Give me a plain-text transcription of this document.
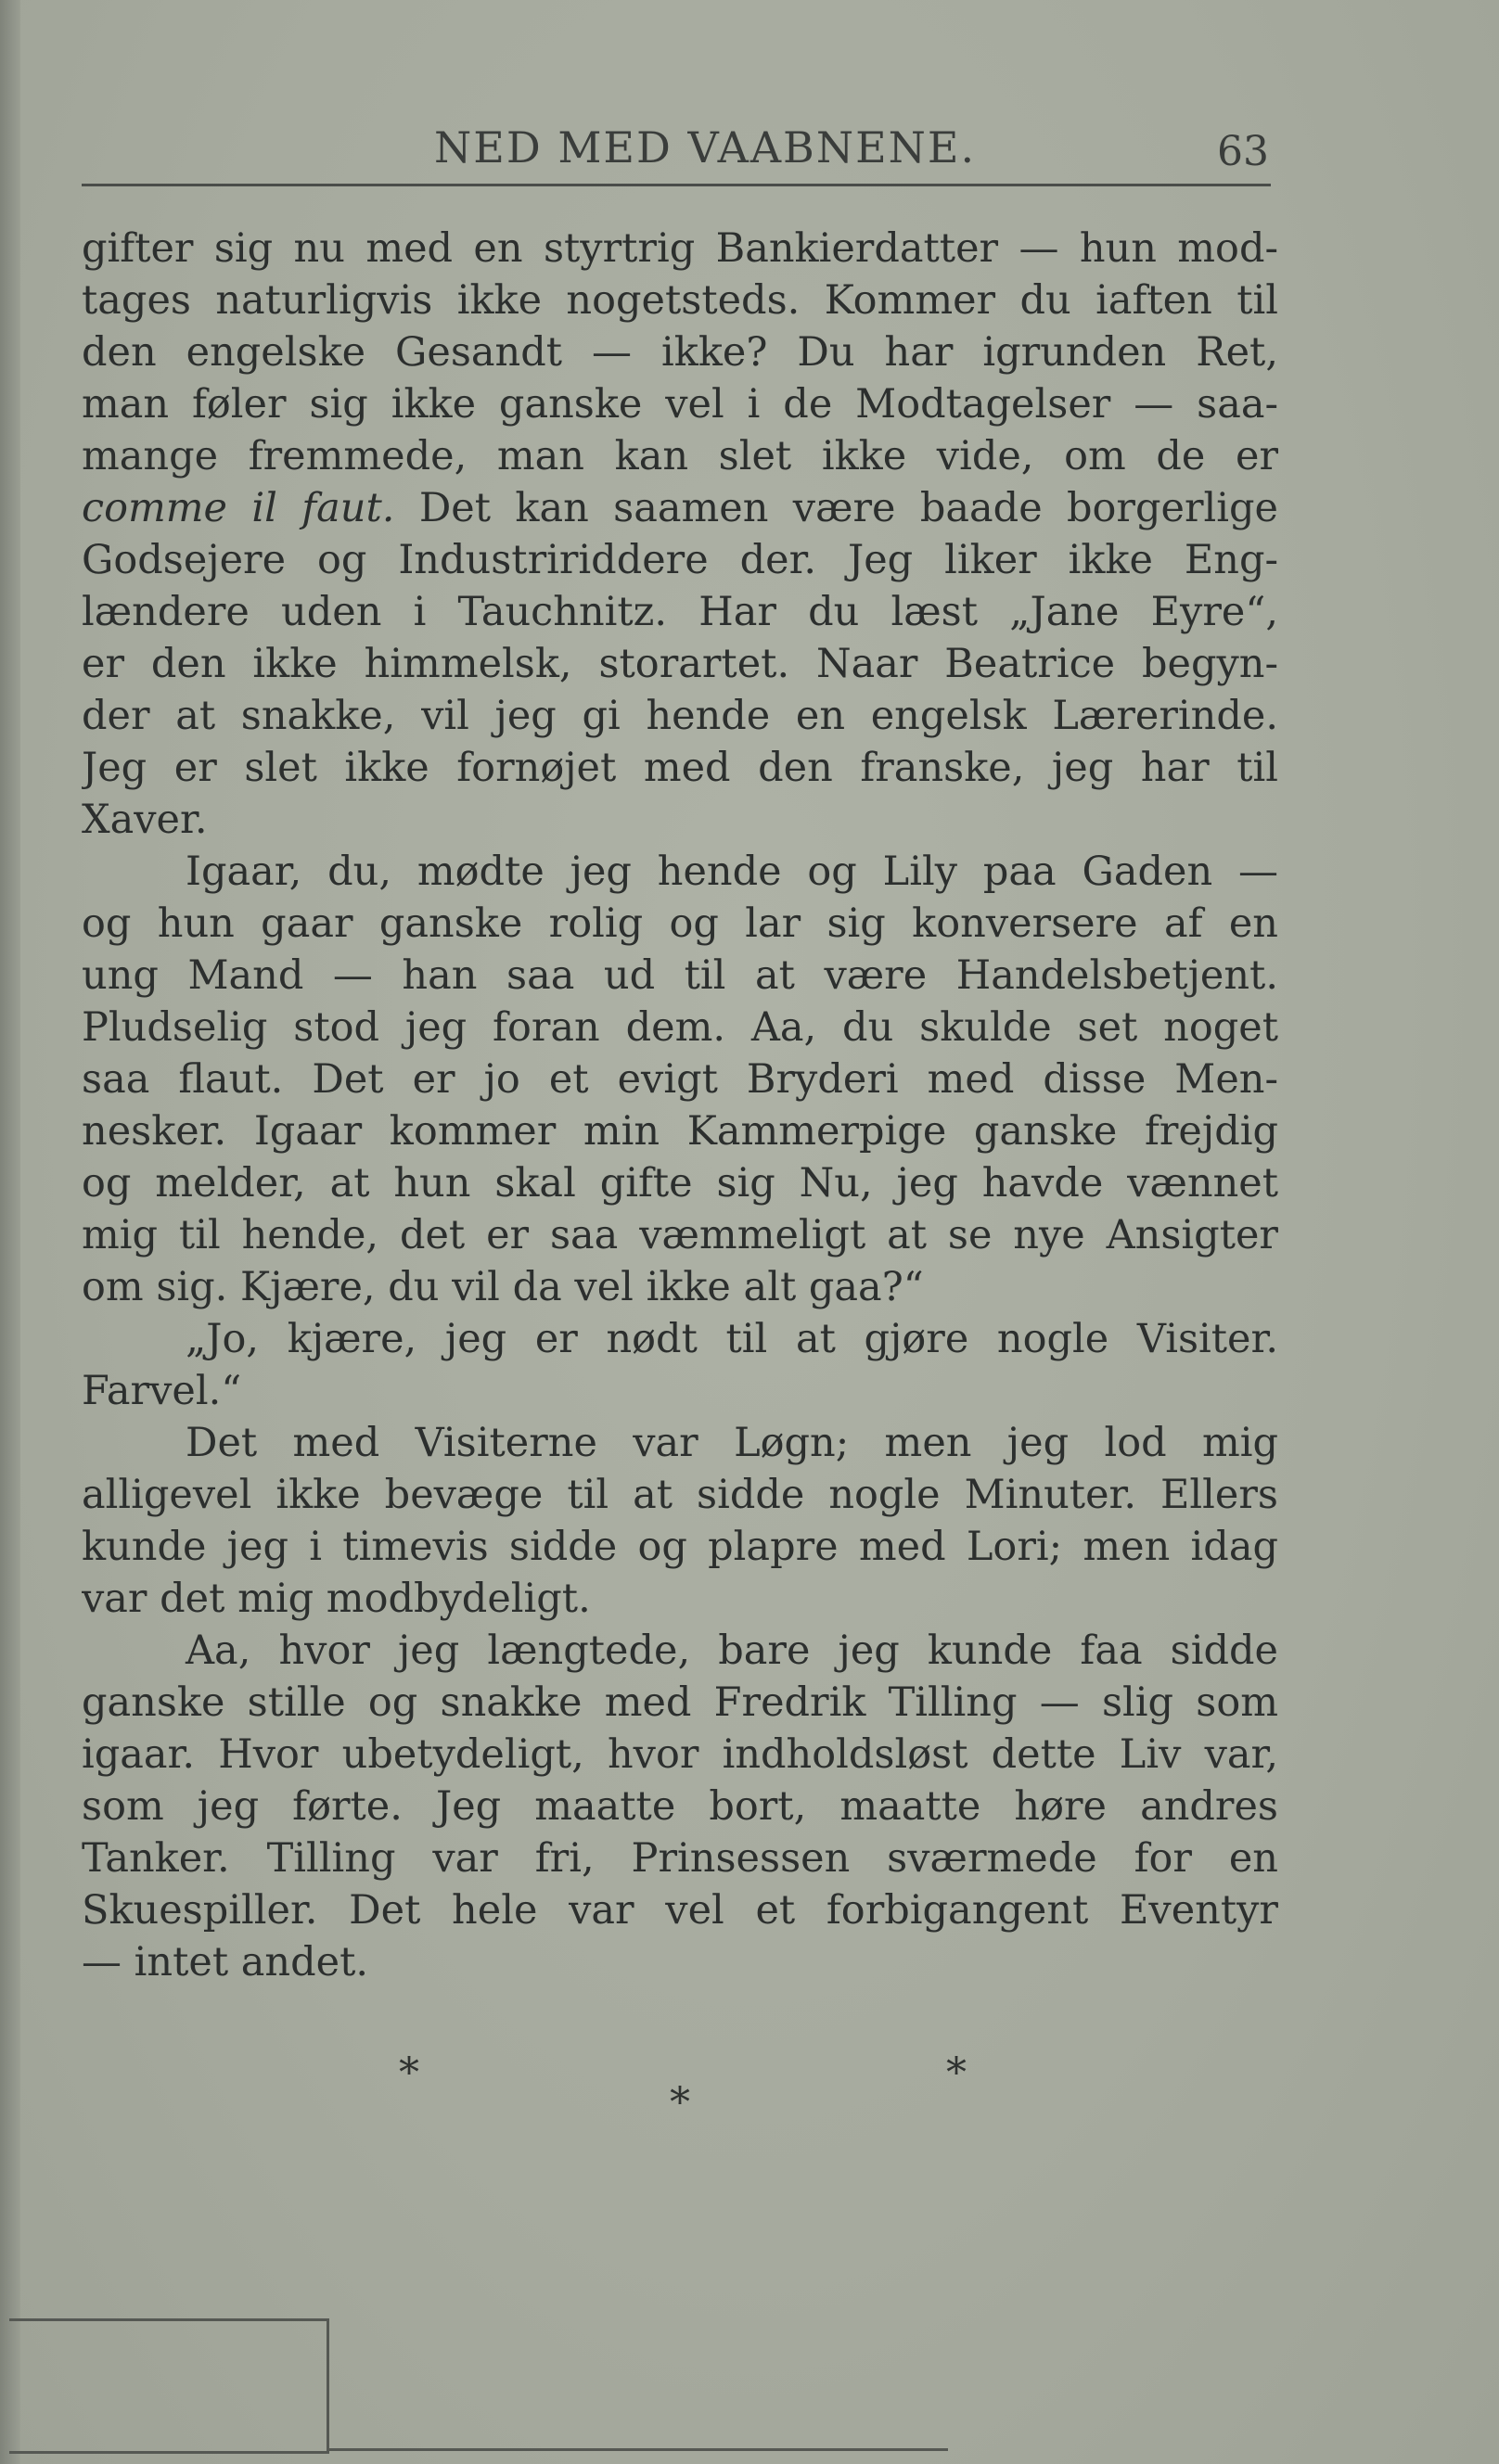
NED MED VAABNENE.	63
gifter sig nu med en styrtrig Bankierdatter — hun mod-
tages naturligvis ikke nogetsteds. Kommer du iaften til
den engelske Gesandt — ikke? Du har igrunden Ret,
man føler sig ikke ganske vel i de Modtagelser — saa-
mange fremmede, man kan slet ikke vide, om de er
comme il faut. Det kan saamen være baade borgerlige
Godsejere og Industririddere der. Jeg liker ikke Eng-
lændere uden i Tauchnitz. Har du læst „Jane Eyre“,
er den ikke himmelsk, storartet. Naar Beatrice begyn-
der at snakke, vil jeg gi hende en engelsk Lærerinde.
Jeg er slet ikke fornøjet med den franske, jeg har til
Xaver.
Igaar, du, mødte jeg hende og Lily paa Gaden —
og hun gaar ganske rolig og lar sig konversere af en
ung Mand — han saa ud til at være Handelsbetjent.
Pludselig stod jeg foran dem. Aa, du skulde set noget
saa flaut. Det er jo et evigt Bryderi med disse Men-
nesker. Igaar kommer min Kammerpige ganske frejdig
og melder, at hun skal gifte sig Nu, jeg havde vænnet
mig til hende, det er saa væmmeligt at se nye Ansigter
om sig. Kjære, du vil da vel ikke alt gaa?“
„Jo, kjære, jeg er nødt til at gjøre nogle Visiter.
Farvel.“
Det med Visiterne var Løgn; men jeg lod mig
alligevel ikke bevæge til at sidde nogle Minuter. Ellers
kunde jeg i timevis sidde og plapre med Lori; men idag
var det mig modbydeligt.
Aa, hvor jeg længtede, bare jeg kunde faa sidde
ganske stille og snakke med Fredrik Tilling — slig som
igaar. Hvor ubetydeligt, hvor indholdsløst dette Liv var,
som jeg førte. Jeg maatte bort, maatte høre andres
Tanker. Tilling var fri, Prinsessen sværmede for en
Skuespiller. Det hele var vel et forbigangent Eventyr
— intet andet.
*	*
*
